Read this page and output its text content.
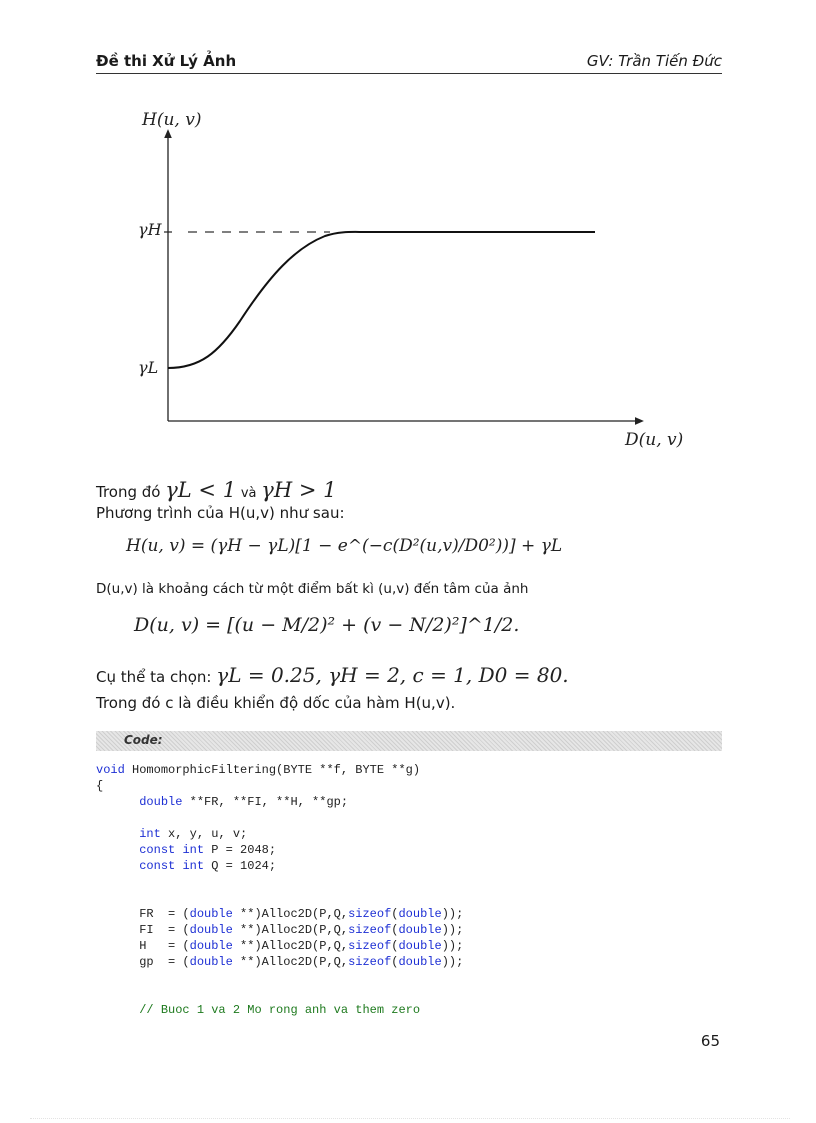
Đề thi Xử Lý Ảnh	GV: Trần Tiến Đức
H(u, v)
D(u, v)
γH
γL
Trong đó γL < 1 và γH > 1
Phương trình của H(u,v) như sau:
H(u, v) = (γH − γL)[1 − e^(−c(D²(u,v)/D0²))] + γL
D(u,v) là khoảng cách từ một điểm bất kì (u,v) đến tâm của ảnh
D(u, v) = [(u − M/2)² + (v − N/2)²]^1/2.
Cụ thể ta chọn: γL = 0.25, γH = 2, c = 1, D0 = 80.
Trong đó c là điều khiển độ dốc của hàm H(u,v).
Code:
void HomomorphicFiltering(BYTE **f, BYTE **g)
{
double **FR, **FI, **H, **gp;
int x, y, u, v;
const int P = 2048;
const int Q = 1024;
FR  = (double **)Alloc2D(P,Q,sizeof(double));
FI  = (double **)Alloc2D(P,Q,sizeof(double));
H   = (double **)Alloc2D(P,Q,sizeof(double));
gp  = (double **)Alloc2D(P,Q,sizeof(double));
// Buoc 1 va 2 Mo rong anh va them zero
65
